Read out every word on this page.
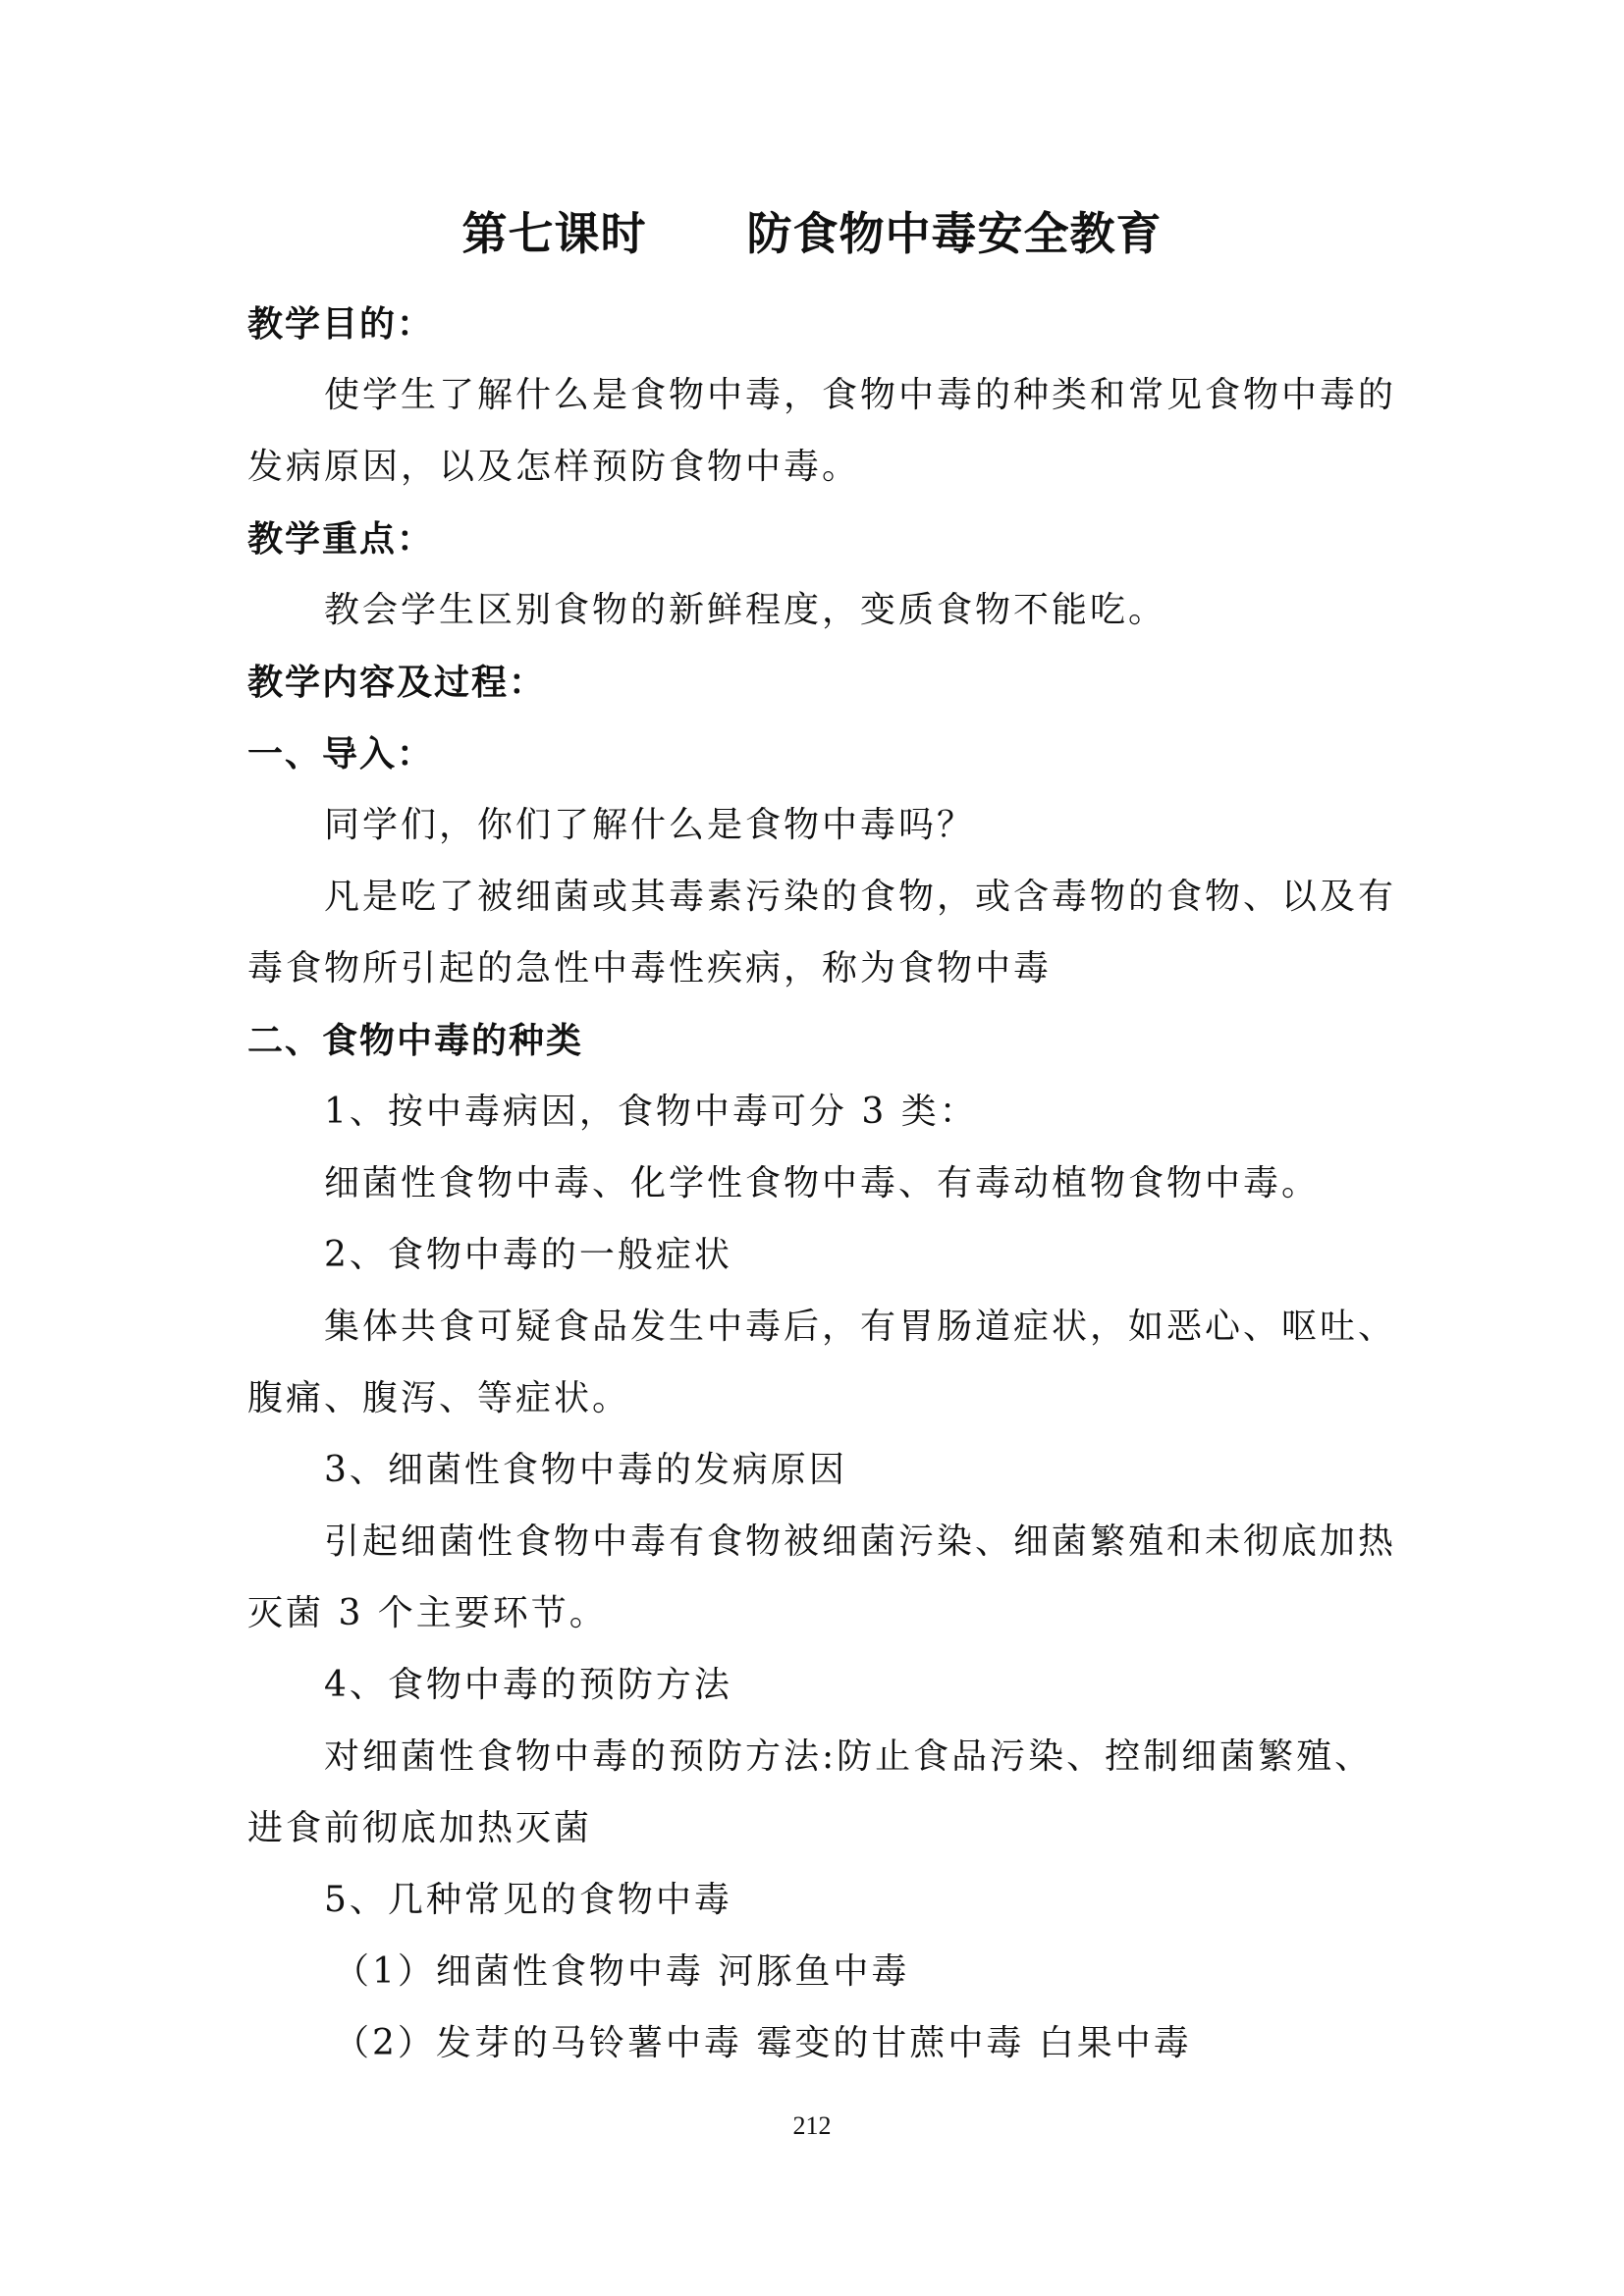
第七课时      防食物中毒安全教育
教学目的：
使学生了解什么是食物中毒，食物中毒的种类和常见食物中毒的
发病原因，以及怎样预防食物中毒。
教学重点：
教会学生区别食物的新鲜程度，变质食物不能吃。
教学内容及过程：
一、导入：
同学们，你们了解什么是食物中毒吗？
凡是吃了被细菌或其毒素污染的食物，或含毒物的食物、以及有
毒食物所引起的急性中毒性疾病，称为食物中毒
二、食物中毒的种类
1、按中毒病因，食物中毒可分 3 类：
细菌性食物中毒、化学性食物中毒、有毒动植物食物中毒。
2、食物中毒的一般症状
集体共食可疑食品发生中毒后，有胃肠道症状，如恶心、呕吐、
腹痛、腹泻、等症状。
3、细菌性食物中毒的发病原因
引起细菌性食物中毒有食物被细菌污染、细菌繁殖和未彻底加热
灭菌 3 个主要环节。
4、食物中毒的预防方法
对细菌性食物中毒的预防方法:防止食品污染、控制细菌繁殖、
进食前彻底加热灭菌
5、几种常见的食物中毒
（1）细菌性食物中毒 河豚鱼中毒
（2）发芽的马铃薯中毒 霉变的甘蔗中毒 白果中毒
212
